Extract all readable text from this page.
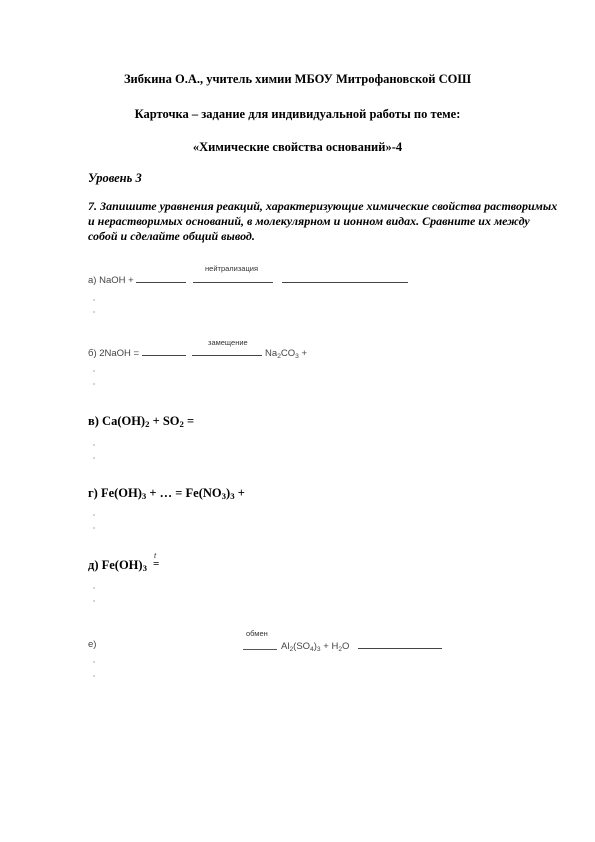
Зибкина О.А., учитель химии МБОУ Митрофановской СОШ
Карточка – задание для индивидуальной работы по теме:
«Химические свойства оснований»-4
Уровень 3
7. Запишите уравнения реакций, характеризующие химические свойства растворимых и нерастворимых оснований, в молекулярном и ионном видах. Сравните их между собой и сделайте общий вывод.
а) NaOH +
нейтрализация
б) 2NaOH =	$Na_2CO_3$ +
замещение
в) $Ca(OH)_2 + SO_2$ =
г) $Fe(OH)_3$ + … = $Fe(NO_3)_3$ +
д) $Fe(OH)_3$
t
=
е)
обмен
$Al_2(SO_4)_3 + H_2O$
